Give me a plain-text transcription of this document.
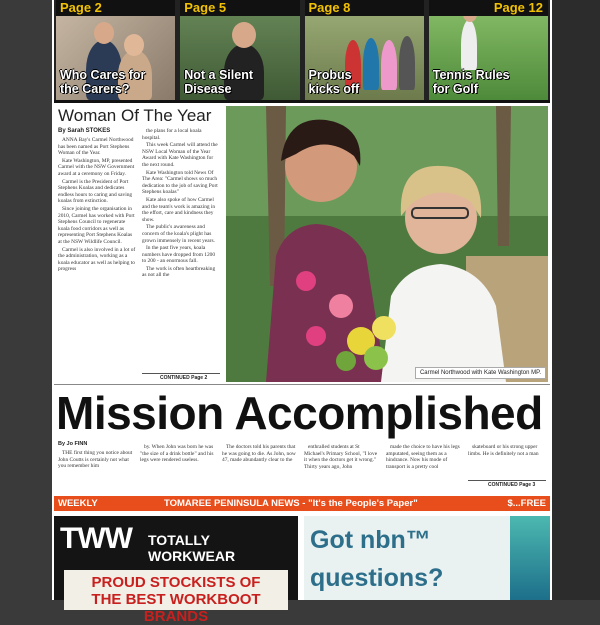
Page 2
Who Cares for
the Carers?
Page 5
Not a Silent
Disease
Page 8
Probus
kicks off
Page 12
Tennis Rules
for Golf
Woman Of The Year
By Sarah STOKES

ANNA Bay's Carmel Northwood has been named as Port Stephens Woman of the Year.

Kate Washington, MP, presented Carmel with the NSW Government award at a ceremony on Friday.

Carmel is the President of Port Stephens Koalas and dedicates endless hours to caring and saving koalas from extinction.

Since joining the organisation in 2010, Carmel has worked with Port Stephens Council to regenerate koala food corridors as well as representing Port Stephens Koalas at the NSW Wildlife Council.

Carmel is also involved in a lot of the administration, working as a koala educator as well as helping to progress

the plans for a local koala hospital.

This week Carmel will attend the NSW Local Woman of the Year Award with Kate Washington for the next round.

Kate Washington told News Of The Area: "Carmel shows so much dedication to the job of saving Port Stephens koalas"

Kate also spoke of how Carmel and the team's work is amazing in the effort, care and kindness they show.

The public's awareness and concern of the koala's plight has grown immensely in recent years.

In the past five years, koala numbers have dropped from 1200 to 200 - an enormous fall.

The work is often heartbreaking as not all the

CONTINUED Page 2
Carmel Northwood with Kate Washington MP.
Mission Accomplished
By Jo FINN

THE first thing you notice about John Coutts is certainly not what you remember him

by. When John was born he was "the size of a drink bottle" and his legs were rendered useless.

The doctors told his parents that he was going to die. As John, now 47, made abundantly clear to the

enthralled students at St Michael's Primary School, "I love it when the doctors get it wrong." Thirty years ago, John

made the choice to have his legs amputated, seeing them as a hindrance. Now his mode of transport is a pretty cool

skateboard or his strong upper limbs. He is definitely not a man

CONTINUED Page 3
WEEKLY	TOMAREE PENINSULA NEWS - "It's the People's Paper"	$...FREE
TWW TOTALLY WORKWEAR
PROUD STOCKISTS OF
THE BEST WORKBOOT BRANDS
Got nbn™
questions?
